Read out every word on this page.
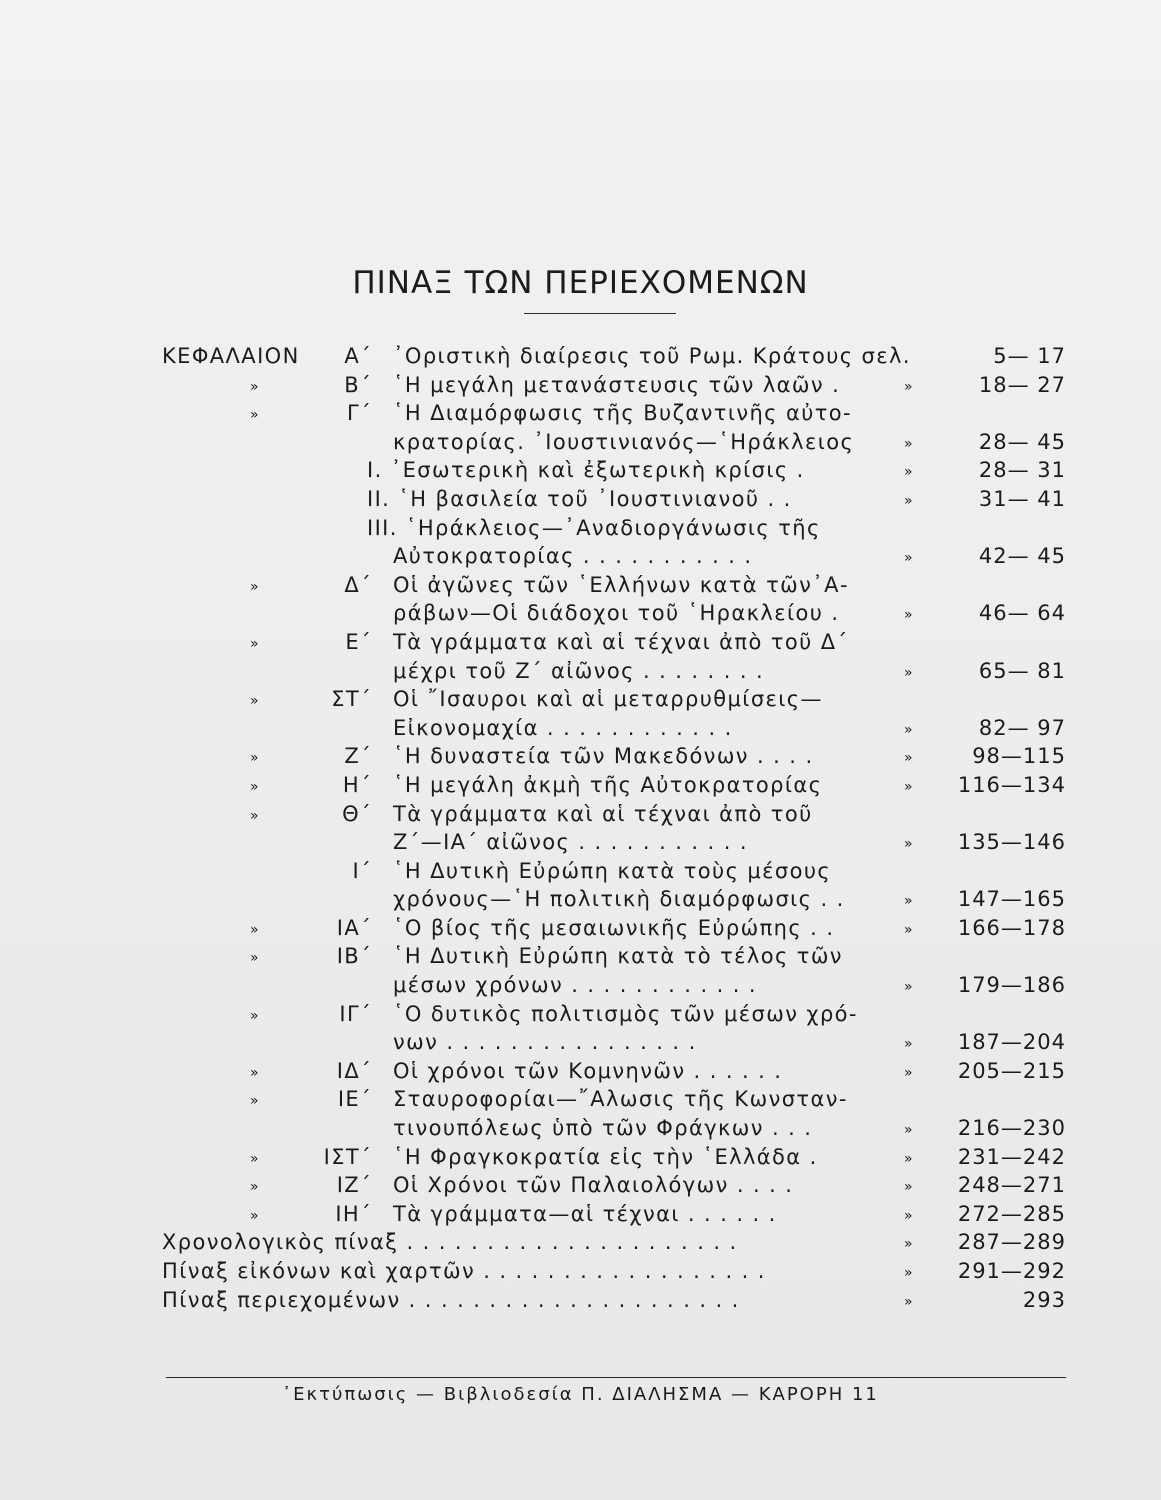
ΠΙΝΑΞ ΤΩΝ ΠΕΡΙΕΧΟΜΕΝΩΝ
ΚΕΦΑΛΑΙΟΝ Α΄ ᾿Οριστικὴ διαίρεσις τοῦ Ρωμ. Κράτους σελ.	5— 17
»	Β΄ ῾Η μεγάλη μετανάστευσις τῶν λαῶν .	»	18— 27
»	Γ΄ ῾Η Διαμόρφωσις τῆς Βυζαντινῆς αὐτο-
κρατορίας. ᾿Ιουστινιανός—῾Ηράκλειος	»	28— 45
Ι. ᾿Εσωτερικὴ καὶ ἐξωτερικὴ κρίσις .	»	28— 31
ΙΙ. ῾Η βασιλεία τοῦ ᾿Ιουστινιανοῦ . .	»	31— 41
ΙΙΙ. ῾Ηράκλειος—᾿Αναδιοργάνωσις τῆς
Αὐτοκρατορίας . . . . . . . . . . .	»	42— 45
»	Δ΄ Οἱ ἀγῶνες τῶν ῾Ελλήνων κατὰ τῶν᾿Α-
ράβων—Οἱ διάδοχοι τοῦ ῾Ηρακλείου .	»	46— 64
»	Ε΄ Τὰ γράμματα καὶ αἱ τέχναι ἀπὸ τοῦ Δ΄
μέχρι τοῦ Ζ΄ αἰῶνος . . . . . . . .	»	65— 81
»	ΣΤ΄ Οἱ ῎Ισαυροι καὶ αἱ μεταρρυθμίσεις—
Εἰκονομαχία . . . . . . . . . . . .	»	82— 97
»	Ζ΄ ῾Η δυναστεία τῶν Μακεδόνων . . . .	»	98—115
»	Η΄ ῾Η μεγάλη ἀκμὴ τῆς Αὐτοκρατορίας	» 116—134
»	Θ΄ Τὰ γράμματα καὶ αἱ τέχναι ἀπὸ τοῦ
Ζ΄—ΙΑ΄ αἰῶνος . . . . . . . . . . .	» 135—146
Ι΄ ῾Η Δυτικὴ Εὐρώπη κατὰ τοὺς μέσους
χρόνους—῾Η πολιτικὴ διαμόρφωσις . .	» 147—165
»	ΙΑ΄ ῾Ο βίος τῆς μεσαιωνικῆς Εὐρώπης . .	» 166—178
»	ΙΒ΄ ῾Η Δυτικὴ Εὐρώπη κατὰ τὸ τέλος τῶν
μέσων χρόνων . . . . . . . . . . . .	» 179—186
»	ΙΓ΄ ῾Ο δυτικὸς πολιτισμὸς τῶν μέσων χρό-
νων . . . . . . . . . . . . . . . .	» 187—204
»	ΙΔ΄ Οἱ χρόνοι τῶν Κομνηνῶν . . . . . .	» 205—215
»	ΙΕ΄ Σταυροφορίαι—῎Αλωσις τῆς Κωνσταν-
τινουπόλεως ὑπὸ τῶν Φράγκων . . .	» 216—230
»	ΙΣΤ΄ ῾Η Φραγκοκρατία εἰς τὴν ῾Ελλάδα .	» 231—242
»	ΙΖ΄ Οἱ Χρόνοι τῶν Παλαιολόγων . . . .	» 248—271
»	ΙΗ΄ Τὰ γράμματα—αἱ τέχναι . . . . . .	» 272—285
Χρονολογικὸς πίναξ . . . . . . . . . . . . . . . . . . . . .	» 287—289
Πίναξ εἰκόνων καὶ χαρτῶν . . . . . . . . . . . . . . . . . .	» 291—292
Πίναξ περιεχομένων . . . . . . . . . . . . . . . . . . . . .	»	293
᾿Εκτύπωσις — Βιβλιοδεσία Π. ΔΙΑΛΗΣΜΑ — ΚΑΡΟΡΗ 11
